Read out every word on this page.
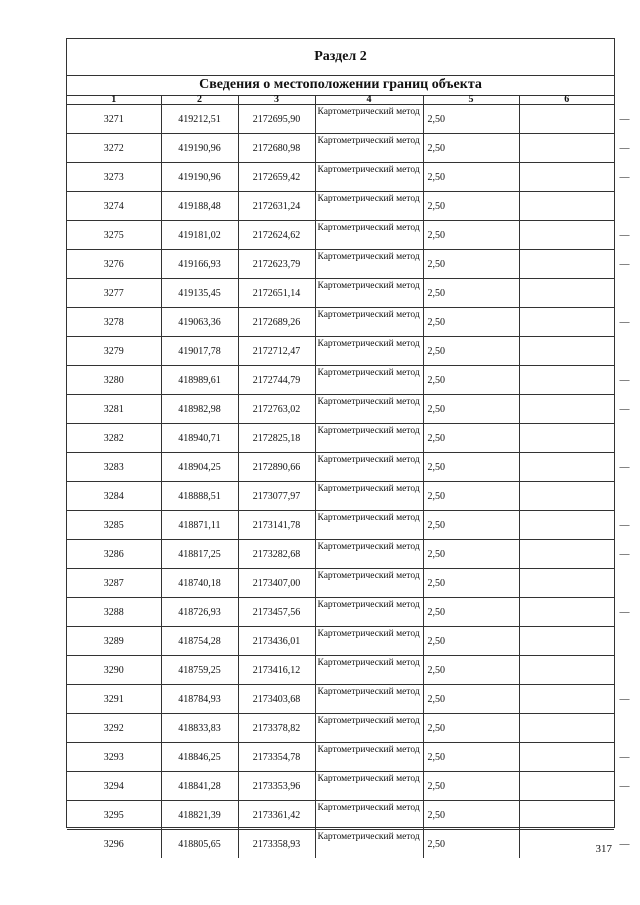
Раздел 2
Сведения о местоположении границ объекта
1	2	3	4	5	6
3271	419212,51	2172695,90	Картометрический метод	2,50	—
3272	419190,96	2172680,98	Картометрический метод	2,50	—
3273	419190,96	2172659,42	Картометрический метод	2,50	—
3274	419188,48	2172631,24	Картометрический метод	2,50	
3275	419181,02	2172624,62	Картометрический метод	2,50	—
3276	419166,93	2172623,79	Картометрический метод	2,50	—
3277	419135,45	2172651,14	Картометрический метод	2,50	
3278	419063,36	2172689,26	Картометрический метод	2,50	—
3279	419017,78	2172712,47	Картометрический метод	2,50	
3280	418989,61	2172744,79	Картометрический метод	2,50	—
3281	418982,98	2172763,02	Картометрический метод	2,50	—
3282	418940,71	2172825,18	Картометрический метод	2,50	
3283	418904,25	2172890,66	Картометрический метод	2,50	—
3284	418888,51	2173077,97	Картометрический метод	2,50	
3285	418871,11	2173141,78	Картометрический метод	2,50	—
3286	418817,25	2173282,68	Картометрический метод	2,50	—
3287	418740,18	2173407,00	Картометрический метод	2,50	
3288	418726,93	2173457,56	Картометрический метод	2,50	—
3289	418754,28	2173436,01	Картометрический метод	2,50	
3290	418759,25	2173416,12	Картометрический метод	2,50	
3291	418784,93	2173403,68	Картометрический метод	2,50	—
3292	418833,83	2173378,82	Картометрический метод	2,50	
3293	418846,25	2173354,78	Картометрический метод	2,50	—
3294	418841,28	2173353,96	Картометрический метод	2,50	—
3295	418821,39	2173361,42	Картометрический метод	2,50	
3296	418805,65	2173358,93	Картометрический метод	2,50	—
317
